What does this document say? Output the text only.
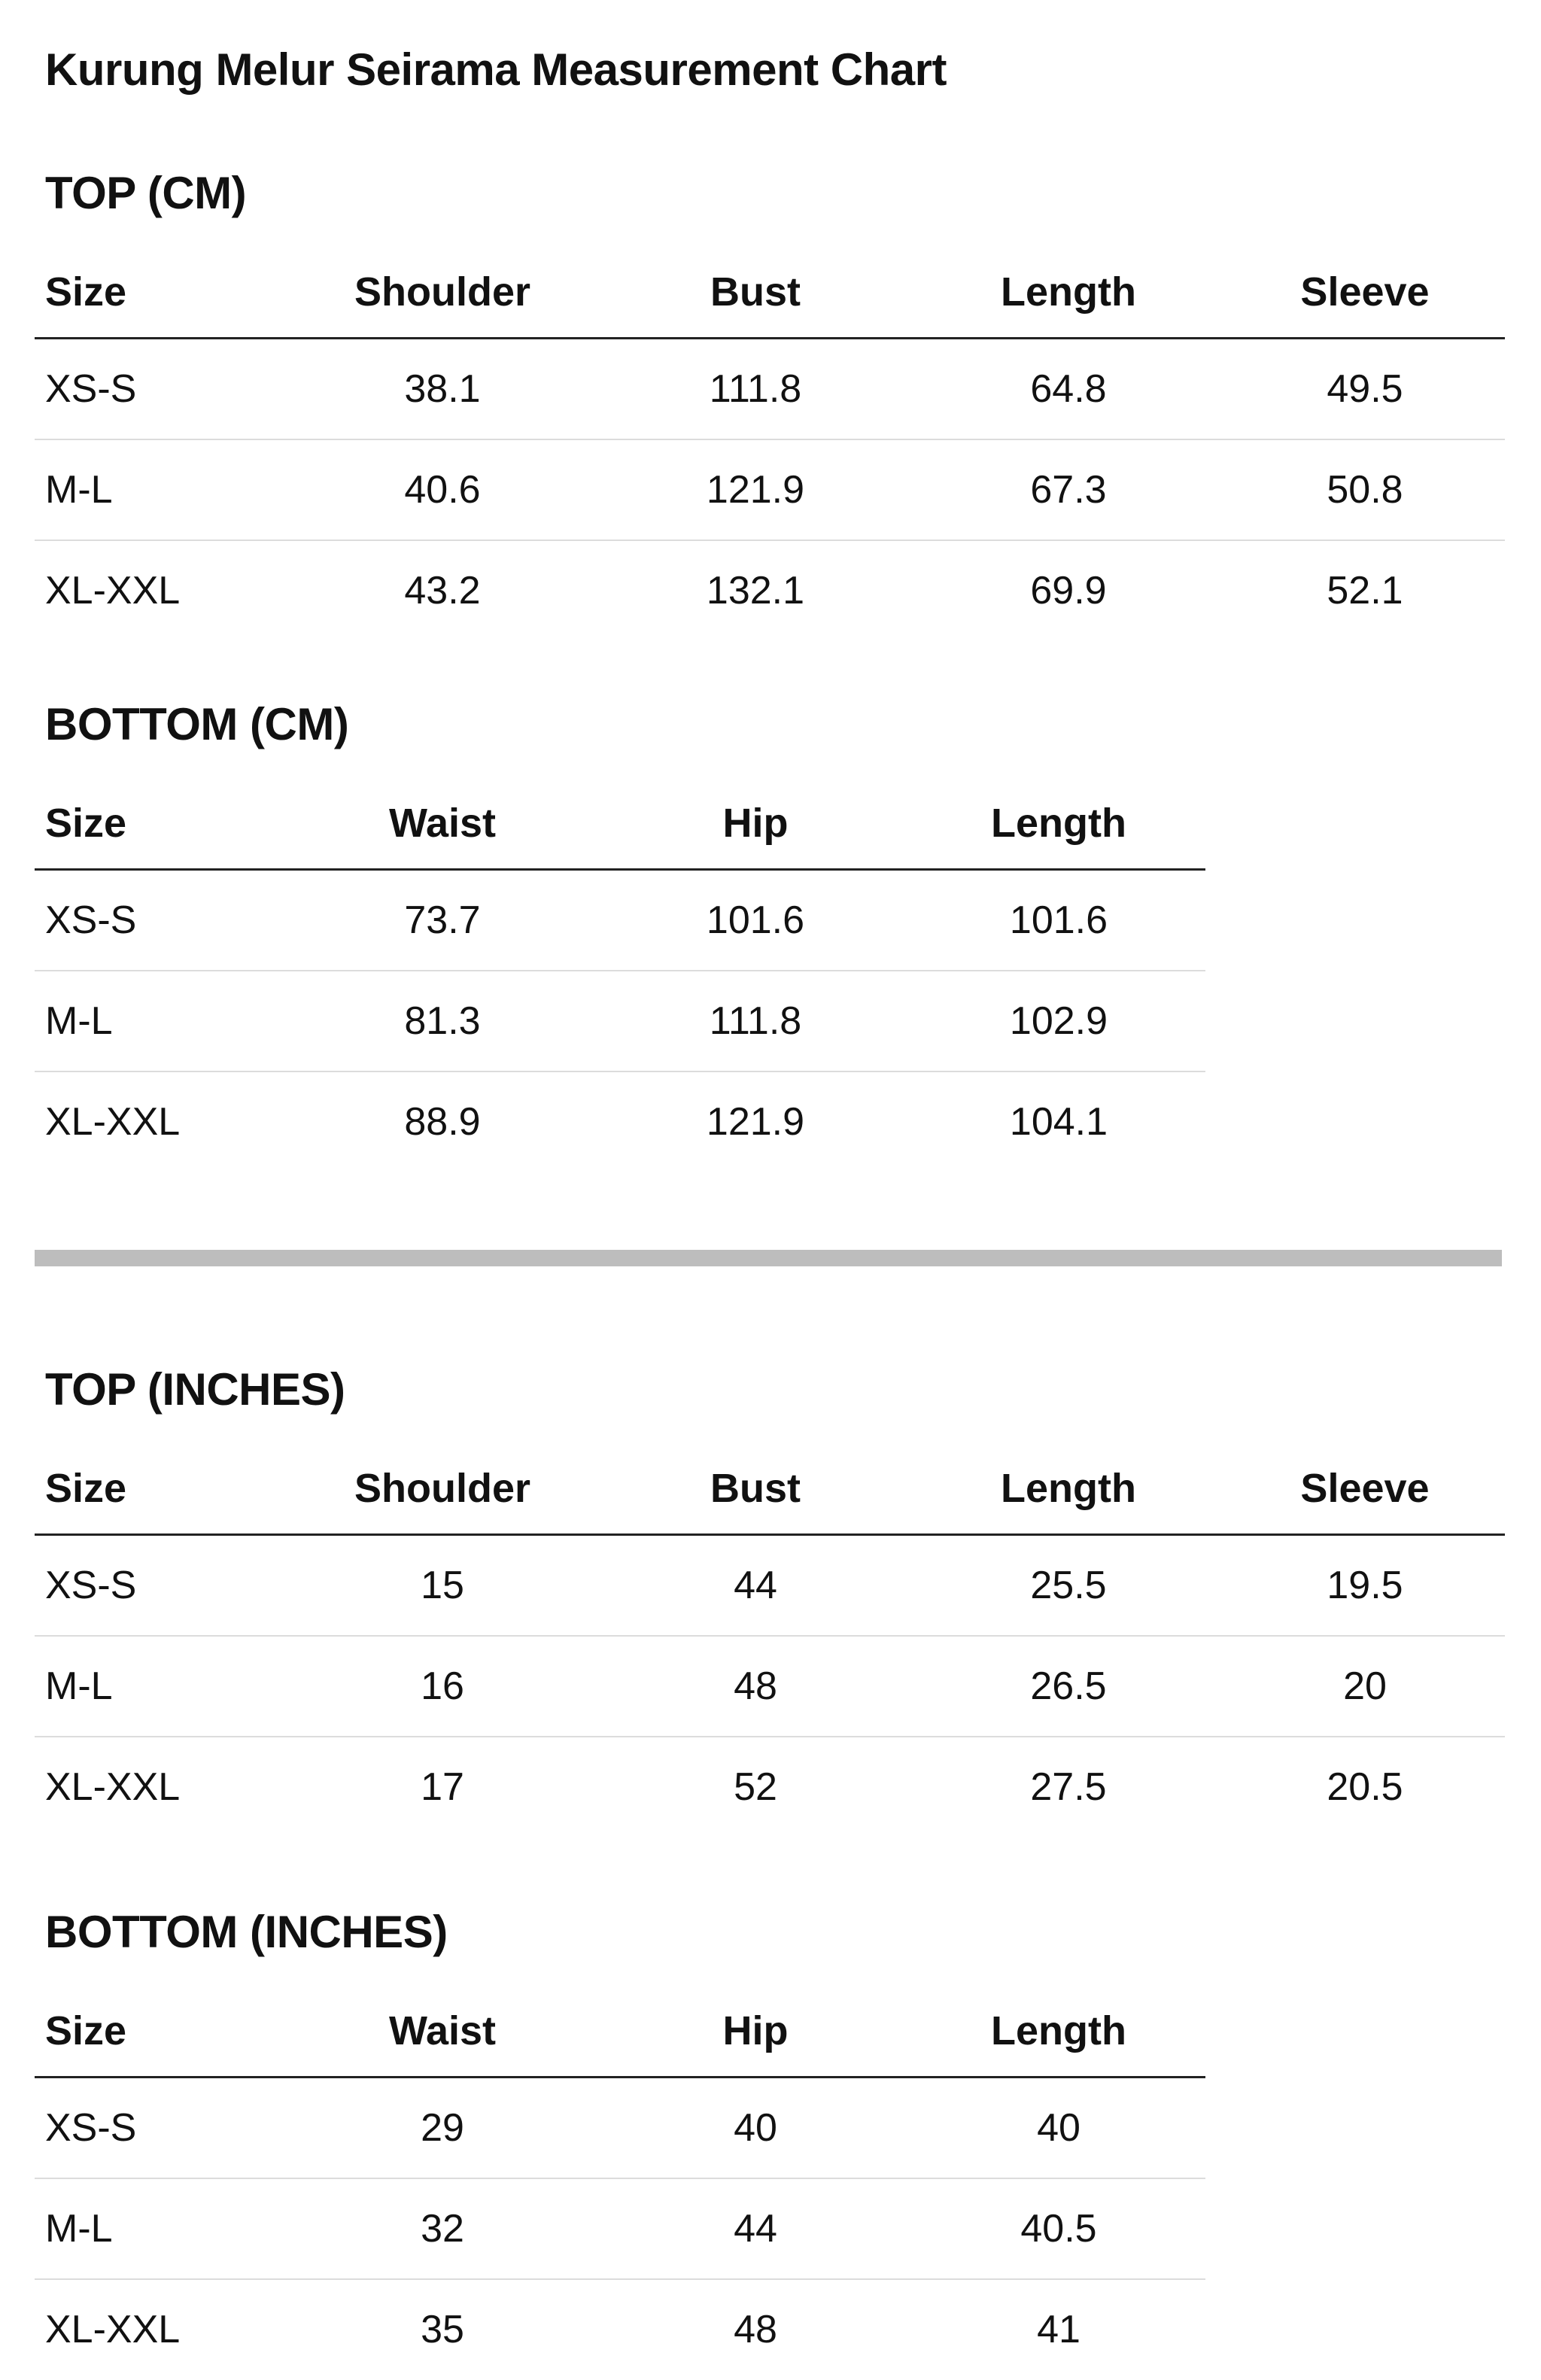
Kurung Melur Seirama Measurement Chart
TOP (CM)
Size	Shoulder	Bust	Length	Sleeve
XS-S	38.1	111.8	64.8	49.5
M-L	40.6	121.9	67.3	50.8
XL-XXL	43.2	132.1	69.9	52.1
BOTTOM (CM)
Size	Waist	Hip	Length
XS-S	73.7	101.6	101.6
M-L	81.3	111.8	102.9
XL-XXL	88.9	121.9	104.1
TOP (INCHES)
Size	Shoulder	Bust	Length	Sleeve
XS-S	15	44	25.5	19.5
M-L	16	48	26.5	20
XL-XXL	17	52	27.5	20.5
BOTTOM (INCHES)
Size	Waist	Hip	Length
XS-S	29	40	40
M-L	32	44	40.5
XL-XXL	35	48	41
